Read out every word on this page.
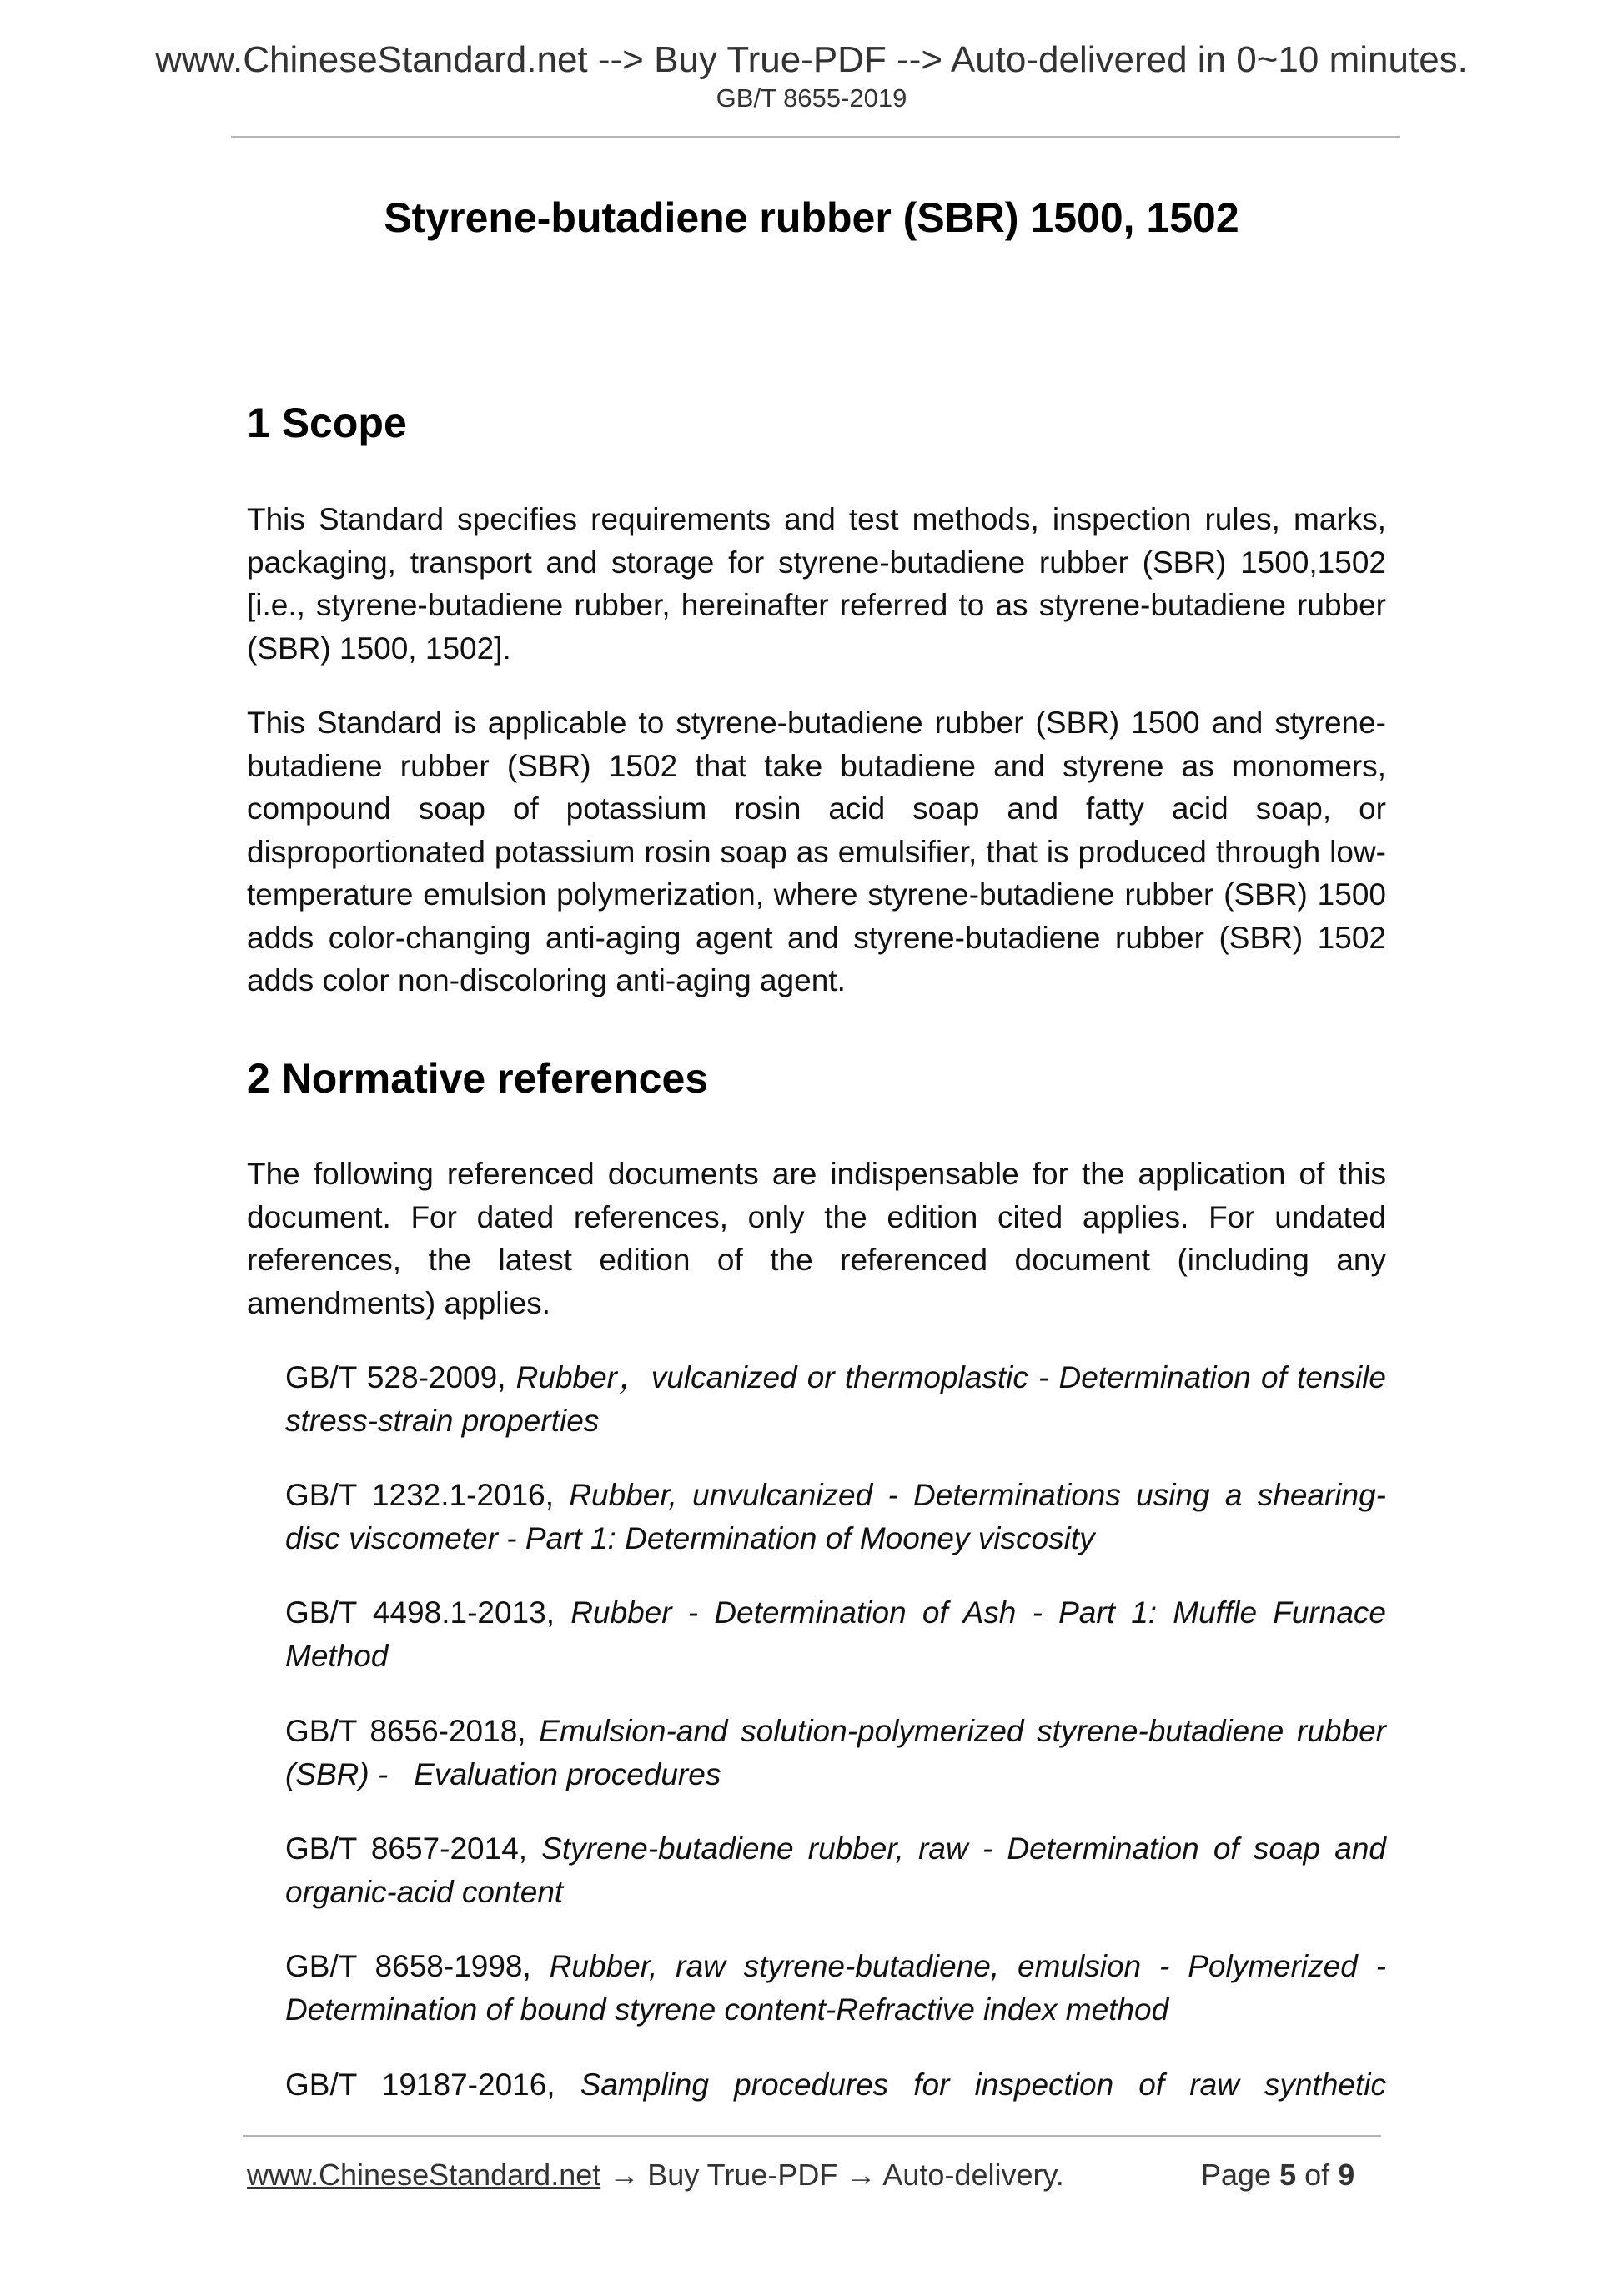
www.ChineseStandard.net --> Buy True-PDF --> Auto-delivered in 0~10 minutes.
GB/T 8655-2019
Styrene-butadiene rubber (SBR) 1500, 1502
1 Scope
This Standard specifies requirements and test methods, inspection rules, marks, packaging, transport and storage for styrene-butadiene rubber (SBR) 1500,1502 [i.e., styrene-butadiene rubber, hereinafter referred to as styrene-butadiene rubber (SBR) 1500, 1502].
This Standard is applicable to styrene-butadiene rubber (SBR) 1500 and styrene-butadiene rubber (SBR) 1502 that take butadiene and styrene as monomers, compound soap of potassium rosin acid soap and fatty acid soap, or disproportionated potassium rosin soap as emulsifier, that is produced through low-temperature emulsion polymerization, where styrene-butadiene rubber (SBR) 1500 adds color-changing anti-aging agent and styrene-butadiene rubber (SBR) 1502 adds color non-discoloring anti-aging agent.
2 Normative references
The following referenced documents are indispensable for the application of this document. For dated references, only the edition cited applies. For undated references, the latest edition of the referenced document (including any amendments) applies.
GB/T 528-2009, Rubber，vulcanized or thermoplastic - Determination of tensile stress-strain properties
GB/T 1232.1-2016, Rubber, unvulcanized - Determinations using a shearing-disc viscometer - Part 1: Determination of Mooney viscosity
GB/T 4498.1-2013, Rubber - Determination of Ash - Part 1: Muffle Furnace Method
GB/T 8656-2018, Emulsion-and solution-polymerized styrene-butadiene rubber (SBR) -   Evaluation procedures
GB/T 8657-2014, Styrene-butadiene rubber, raw - Determination of soap and organic-acid content
GB/T 8658-1998, Rubber, raw styrene-butadiene, emulsion - Polymerized - Determination of bound styrene content-Refractive index method
GB/T 19187-2016, Sampling procedures for inspection of raw synthetic
www.ChineseStandard.net → Buy True-PDF → Auto-delivery.	Page 5 of 9
